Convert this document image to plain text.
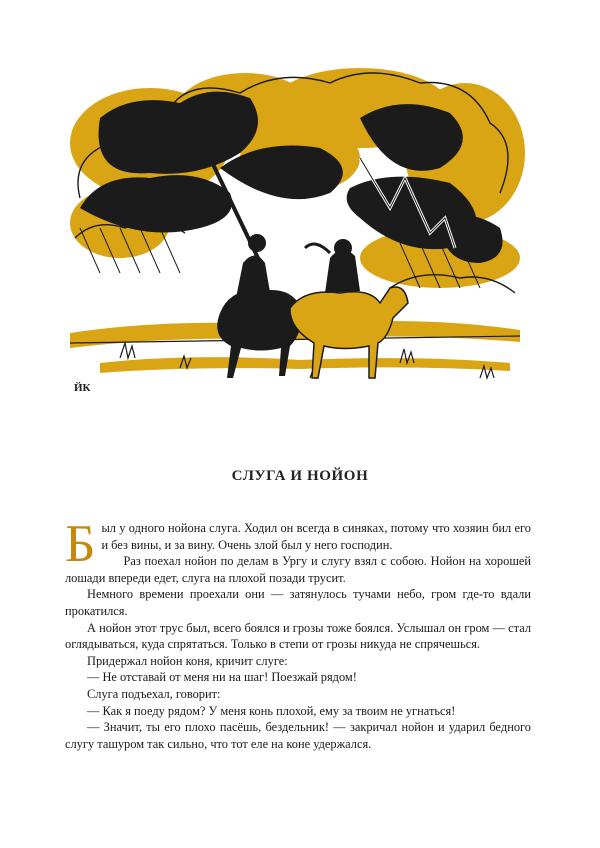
ЙК
СЛУГА И НОЙОН

Был у одного нойона слуга. Ходил он всегда в синяках, потому что хозяин бил его и без вины, и за вину. Очень злой был у него господин.

Раз поехал нойон по делам в Ургу и слугу взял с собою. Нойон на хорошей лошади впереди едет, слуга на плохой позади трусит.

Немного времени проехали они — затянулось тучами небо, гром где-то вдали прокатился.

А нойон этот трус был, всего боялся и грозы тоже боялся. Услышал он гром — стал оглядываться, куда спрятаться. Только в степи от грозы никуда не спрячешься.

Придержал нойон коня, кричит слуге:

— Не отставай от меня ни на шаг! Поезжай рядом!

Слуга подъехал, говорит:

— Как я поеду рядом? У меня конь плохой, ему за твоим не угнаться!

— Значит, ты его плохо пасёшь, бездельник! — закричал нойон и ударил бедного слугу ташуром так сильно, что тот еле на коне удержался.
